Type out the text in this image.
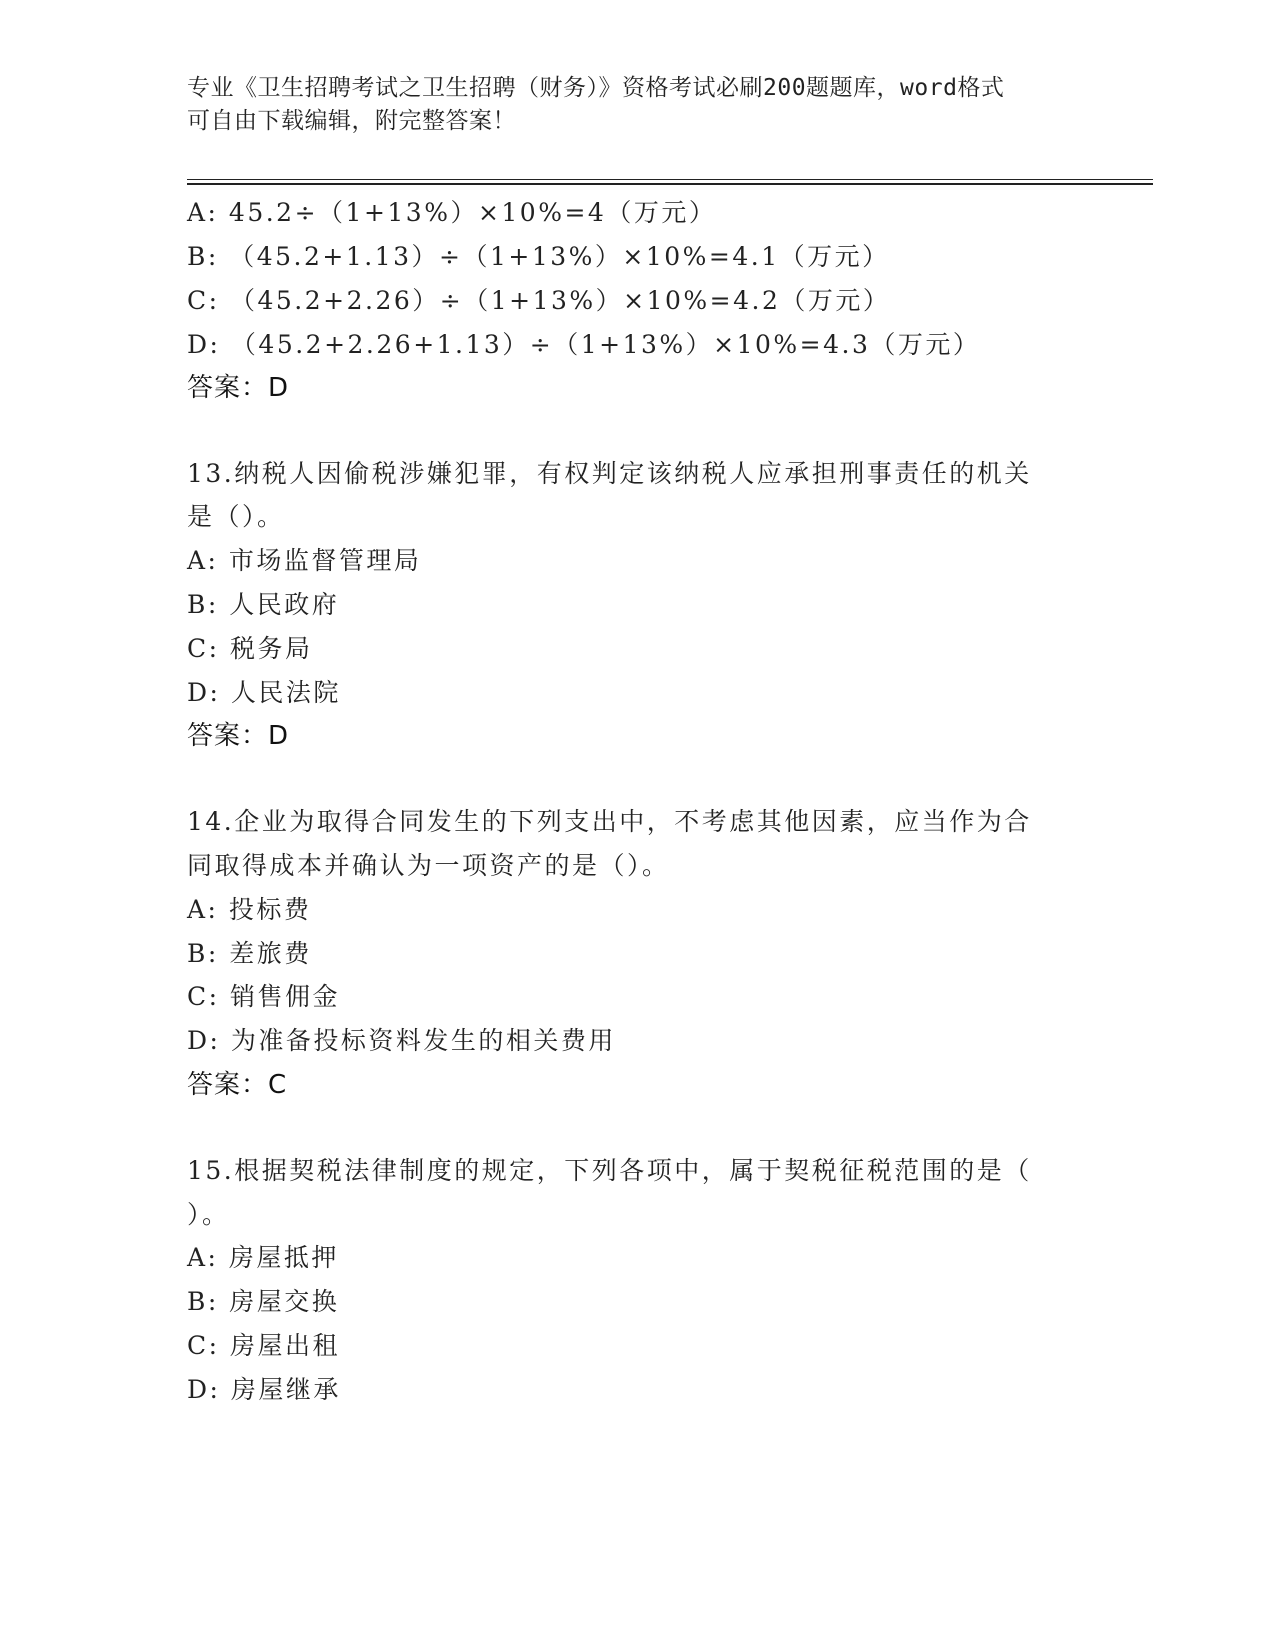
专业《卫生招聘考试之卫生招聘（财务）》资格考试必刷200题题库，word格式
可自由下载编辑，附完整答案！
A: 45.2÷（1+13%）×10%=4（万元）
B: （45.2+1.13）÷（1+13%）×10%=4.1（万元）
C: （45.2+2.26）÷（1+13%）×10%=4.2（万元）
D: （45.2+2.26+1.13）÷（1+13%）×10%=4.3（万元）
答案：D
13.纳税人因偷税涉嫌犯罪，有权判定该纳税人应承担刑事责任的机关
是（）。
A: 市场监督管理局
B: 人民政府
C: 税务局
D: 人民法院
答案：D
14.企业为取得合同发生的下列支出中，不考虑其他因素，应当作为合
同取得成本并确认为一项资产的是（）。
A: 投标费
B: 差旅费
C: 销售佣金
D: 为准备投标资料发生的相关费用
答案：C
15.根据契税法律制度的规定，下列各项中，属于契税征税范围的是（
）。
A: 房屋抵押
B: 房屋交换
C: 房屋出租
D: 房屋继承
